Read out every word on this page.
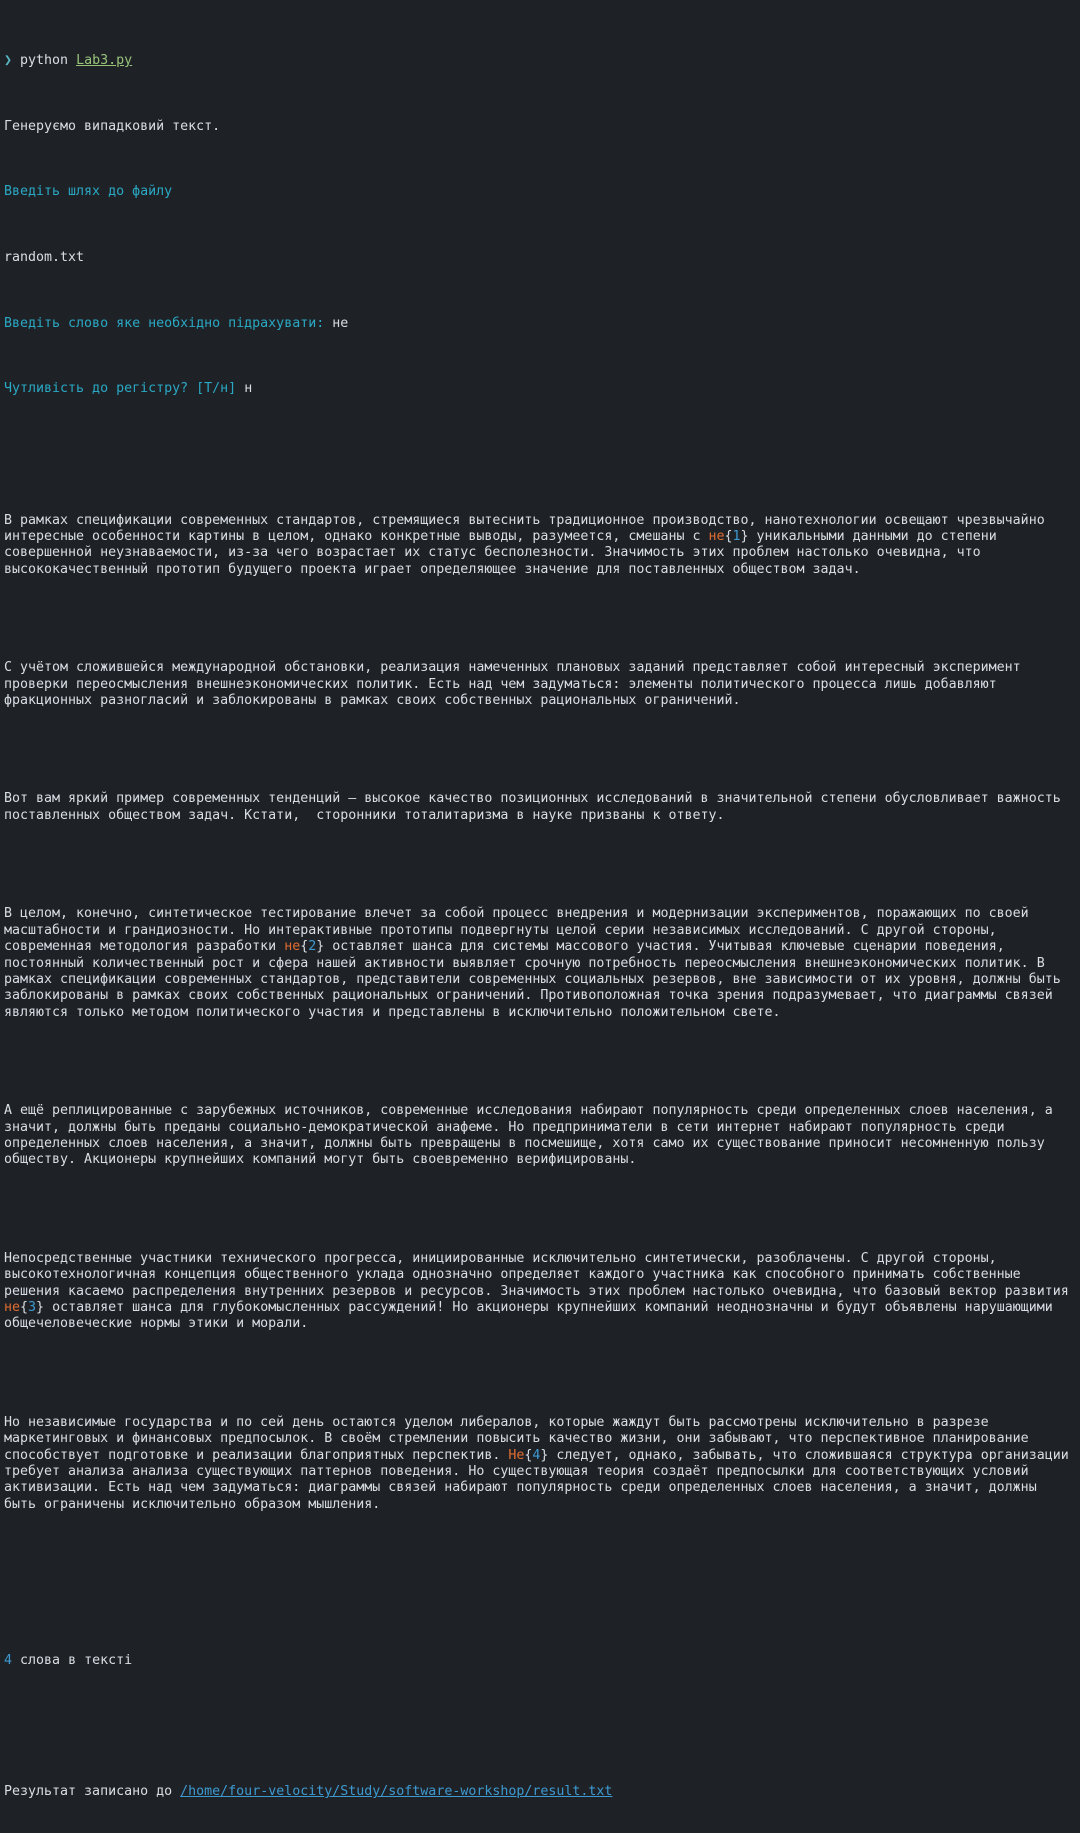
❯ python Lab3.py

Генеруємо випадковий текст.

Введіть шлях до файлу

random.txt

Введіть слово яке необхідно підрахувати: не

Чутливість до регістру? [Т/н] н

В рамках спецификации современных стандартов, стремящиеся вытеснить традиционное производство, нанотехнологии освещают чрезвычайно интересные особенности картины в целом, однако конкретные выводы, разумеется, смешаны с не{1} уникальными данными до степени совершенной неузнаваемости, из-за чего возрастает их статус бесполезности. Значимость этих проблем настолько очевидна, что высококачественный прототип будущего проекта играет определяющее значение для поставленных обществом задач.

С учётом сложившейся международной обстановки, реализация намеченных плановых заданий представляет собой интересный эксперимент проверки переосмысления внешнеэкономических политик. Есть над чем задуматься: элементы политического процесса лишь добавляют фракционных разногласий и заблокированы в рамках своих собственных рациональных ограничений.

Вот вам яркий пример современных тенденций – высокое качество позиционных исследований в значительной степени обусловливает важность поставленных обществом задач. Кстати,  сторонники тоталитаризма в науке призваны к ответу.

В целом, конечно, синтетическое тестирование влечет за собой процесс внедрения и модернизации экспериментов, поражающих по своей масштабности и грандиозности. Но интерактивные прототипы подвергнуты целой серии независимых исследований. С другой стороны, современная методология разработки не{2} оставляет шанса для системы массового участия. Учитывая ключевые сценарии поведения, постоянный количественный рост и сфера нашей активности выявляет срочную потребность переосмысления внешнеэкономических политик. В рамках спецификации современных стандартов, представители современных социальных резервов, вне зависимости от их уровня, должны быть заблокированы в рамках своих собственных рациональных ограничений. Противоположная точка зрения подразумевает, что диаграммы связей являются только методом политического участия и представлены в исключительно положительном свете.

А ещё реплицированные с зарубежных источников, современные исследования набирают популярность среди определенных слоев населения, а значит, должны быть преданы социально-демократической анафеме. Но предприниматели в сети интернет набирают популярность среди определенных слоев населения, а значит, должны быть превращены в посмешище, хотя само их существование приносит несомненную пользу обществу. Акционеры крупнейших компаний могут быть своевременно верифицированы.

Непосредственные участники технического прогресса, инициированные исключительно синтетически, разоблачены. С другой стороны, высокотехнологичная концепция общественного уклада однозначно определяет каждого участника как способного принимать собственные решения касаемо распределения внутренних резервов и ресурсов. Значимость этих проблем настолько очевидна, что базовый вектор развития не{3} оставляет шанса для глубокомысленных рассуждений! Но акционеры крупнейших компаний неоднозначны и будут объявлены нарушающими общечеловеческие нормы этики и морали.

Но независимые государства и по сей день остаются уделом либералов, которые жаждут быть рассмотрены исключительно в разрезе маркетинговых и финансовых предпосылок. В своём стремлении повысить качество жизни, они забывают, что перспективное планирование способствует подготовке и реализации благоприятных перспектив. Не{4} следует, однако, забывать, что сложившаяся структура организации требует анализа анализа существующих паттернов поведения. Но существующая теория создаёт предпосылки для соответствующих условий активизации. Есть над чем задуматься: диаграммы связей набирают популярность среди определенных слоев населения, а значит, должны быть ограничены исключительно образом мышления.

4 слова в тексті

Результат записано до /home/four-velocity/Study/software-workshop/result.txt
